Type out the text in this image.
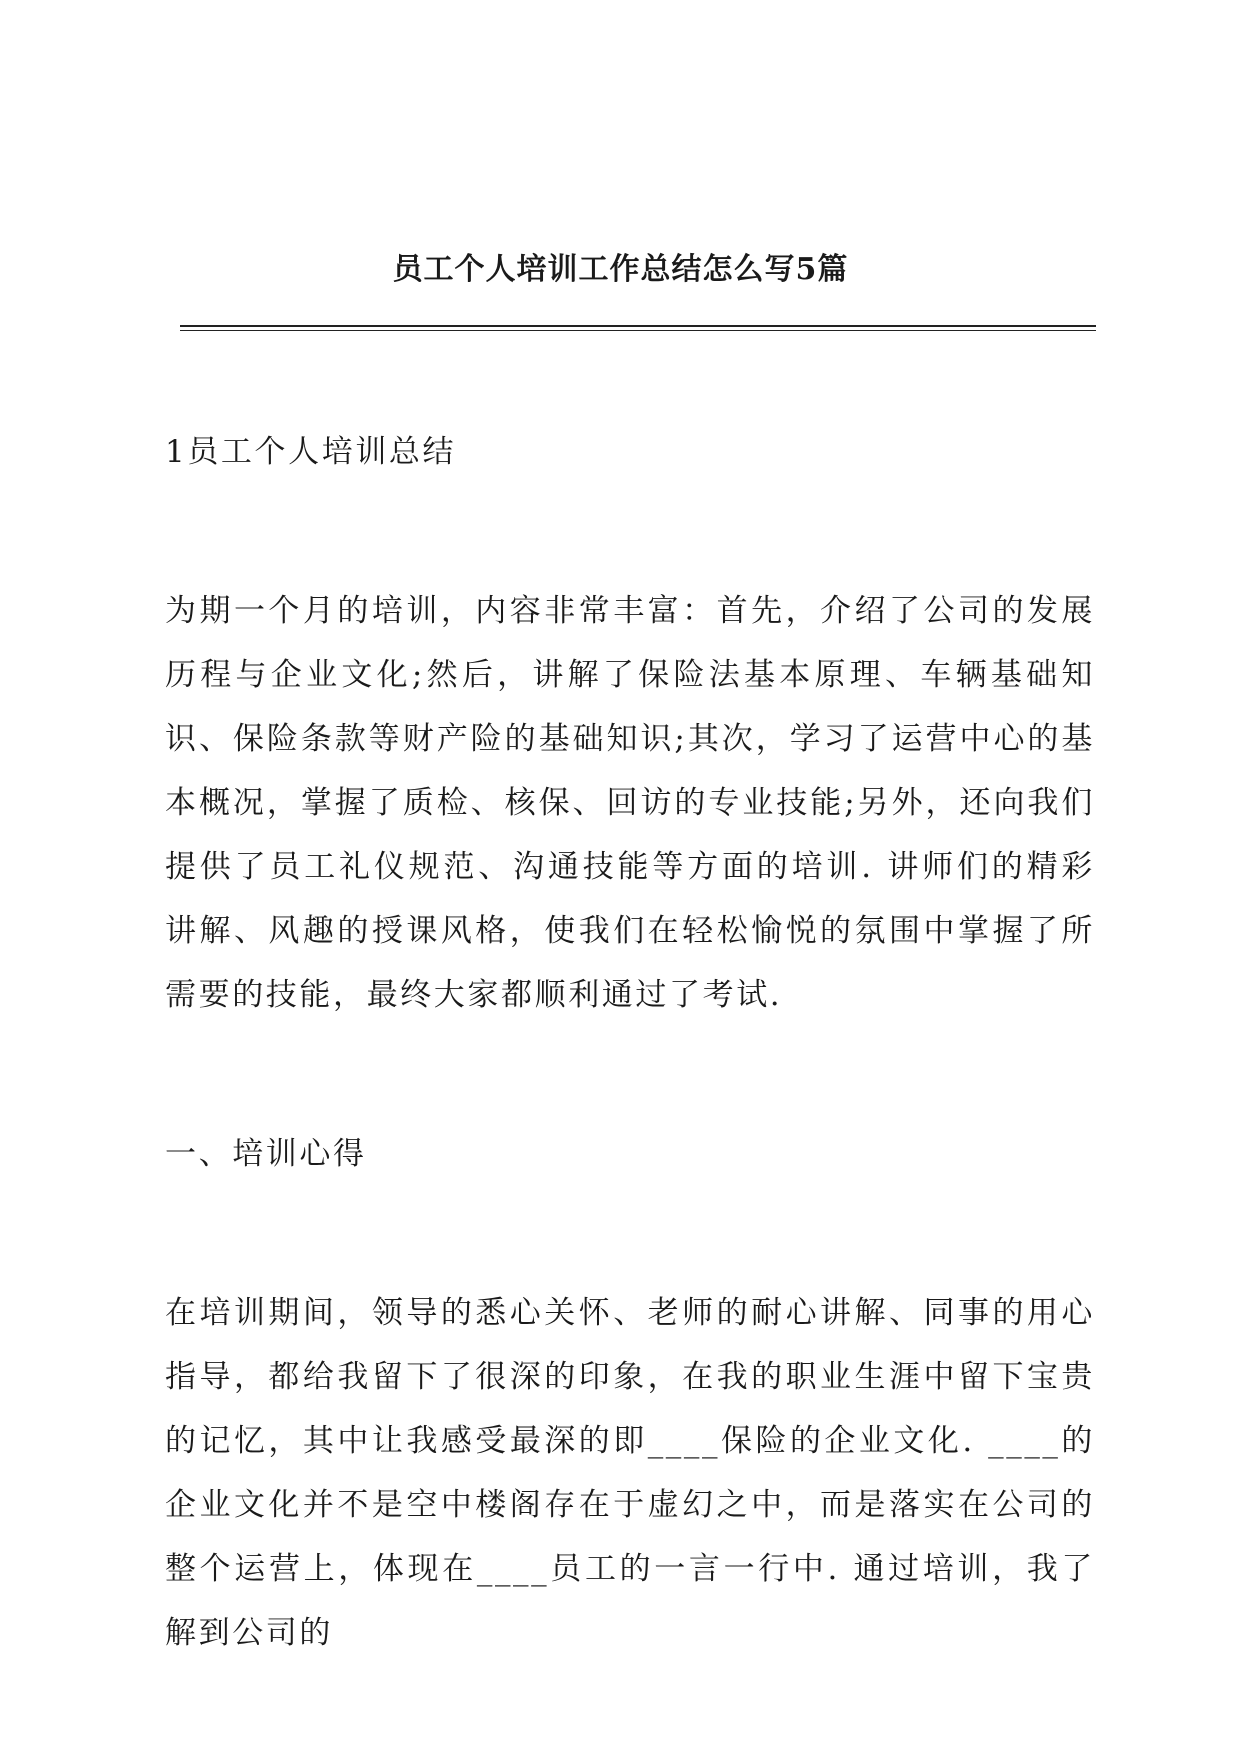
员工个人培训工作总结怎么写5篇

1员工个人培训总结

为期一个月的培训，内容非常丰富：首先，介绍了公司的发展历程与企业文化;然后，讲解了保险法基本原理、车辆基础知识、保险条款等财产险的基础知识;其次，学习了运营中心的基本概况，掌握了质检、核保、回访的专业技能;另外，还向我们提供了员工礼仪规范、沟通技能等方面的培训. 讲师们的精彩讲解、风趣的授课风格，使我们在轻松愉悦的氛围中掌握了所需要的技能，最终大家都顺利通过了考试.

一、培训心得

在培训期间，领导的悉心关怀、老师的耐心讲解、同事的用心指导，都给我留下了很深的印象，在我的职业生涯中留下宝贵的记忆，其中让我感受最深的即____保险的企业文化. ____的企业文化并不是空中楼阁存在于虚幻之中，而是落实在公司的整个运营上，体现在____员工的一言一行中. 通过培训，我了解到公司的
